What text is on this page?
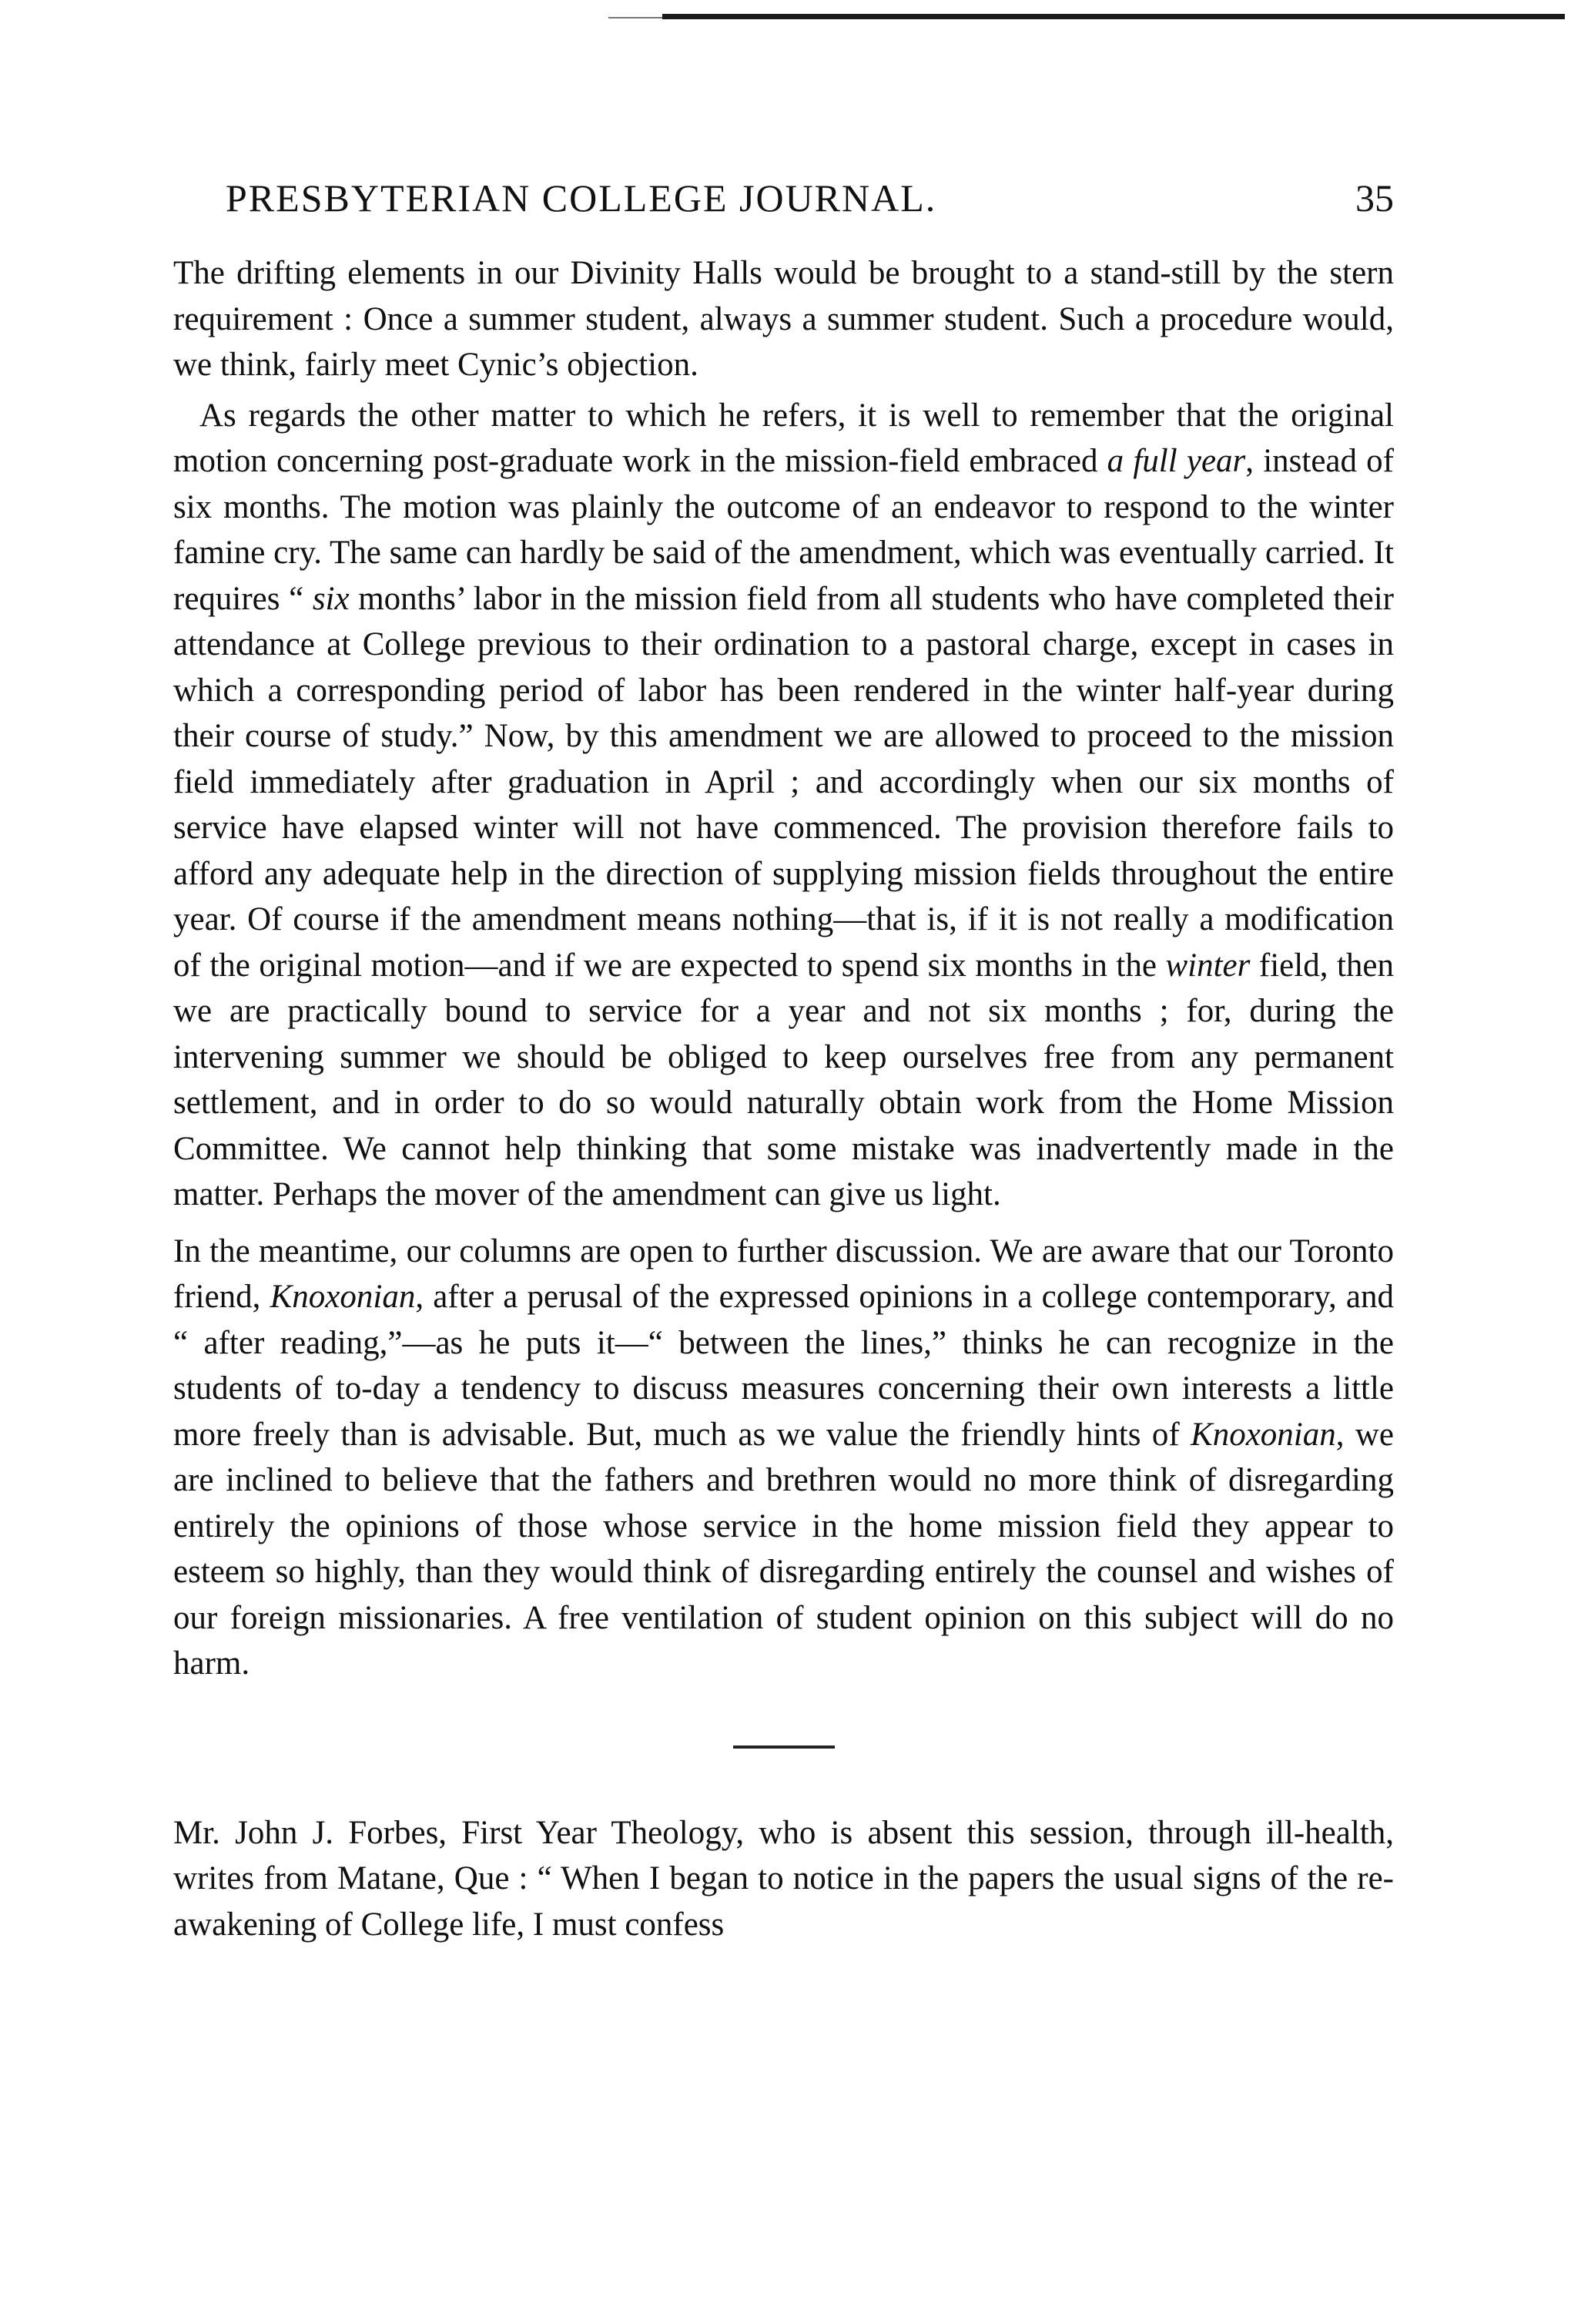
PRESBYTERIAN COLLEGE JOURNAL.	35

The drifting elements in our Divinity Halls would be brought to a stand-still by the stern requirement : Once a summer student, always a summer student. Such a procedure would, we think, fairly meet Cynic’s objection.

As regards the other matter to which he refers, it is well to remember that the original motion concerning post-graduate work in the mission-field embraced a full year, instead of six months. The motion was plainly the outcome of an endeavor to respond to the winter famine cry. The same can hardly be said of the amendment, which was eventually carried. It requires “ six months’ labor in the mission field from all students who have completed their attendance at College previous to their ordination to a pastoral charge, except in cases in which a corresponding period of labor has been rendered in the winter half-year during their course of study.” Now, by this amendment we are allowed to proceed to the mission field immediately after graduation in April ; and accordingly when our six months of service have elapsed winter will not have commenced. The provision therefore fails to afford any adequate help in the direction of supplying mission fields throughout the entire year. Of course if the amendment means nothing—that is, if it is not really a modification of the original motion—and if we are expected to spend six months in the winter field, then we are practically bound to service for a year and not six months ; for, during the intervening summer we should be obliged to keep ourselves free from any permanent settlement, and in order to do so would naturally obtain work from the Home Mission Committee. We cannot help thinking that some mistake was inadvertently made in the matter. Perhaps the mover of the amendment can give us light.

In the meantime, our columns are open to further discussion. We are aware that our Toronto friend, Knoxonian, after a perusal of the expressed opinions in a college contemporary, and “ after reading,”—as he puts it—“ between the lines,” thinks he can recognize in the students of to-day a tendency to discuss measures concerning their own interests a little more freely than is advisable. But, much as we value the friendly hints of Knoxonian, we are inclined to believe that the fathers and brethren would no more think of disregarding entirely the opinions of those whose service in the home mission field they appear to esteem so highly, than they would think of disregarding entirely the counsel and wishes of our foreign missionaries. A free ventilation of student opinion on this subject will do no harm.

Mr. John J. Forbes, First Year Theology, who is absent this session, through ill-health, writes from Matane, Que : “ When I began to notice in the papers the usual signs of the re-awakening of College life, I must confess
